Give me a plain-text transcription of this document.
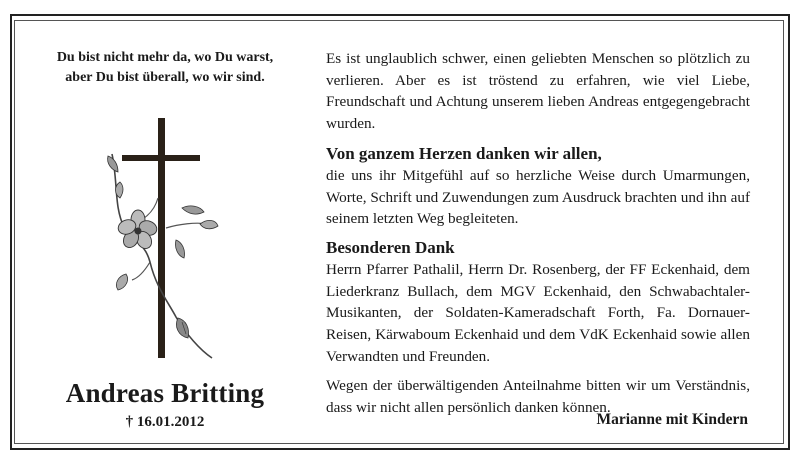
Du bist nicht mehr da, wo Du warst,
aber Du bist überall, wo wir sind.
Andreas Britting
† 16.01.2012

Es ist unglaublich schwer, einen geliebten Menschen so plötzlich zu verlieren. Aber es ist tröstend zu erfahren, wie viel Liebe, Freundschaft und Achtung unserem lieben Andreas entgegengebracht wurden.

Von ganzem Herzen danken wir allen,

die uns ihr Mitgefühl auf so herzliche Weise durch Umarmungen, Worte, Schrift und Zuwendungen zum Ausdruck brachten und ihn auf seinem letzten Weg begleiteten.

Besonderen Dank

Herrn Pfarrer Pathalil, Herrn Dr. Rosenberg, der FF Eckenhaid, dem Liederkranz Bullach, dem MGV Eckenhaid, den Schwabachtaler-Musikanten, der Soldaten-Kameradschaft Forth, Fa. Dornauer-Reisen, Kärwaboum Eckenhaid und dem VdK Eckenhaid sowie allen Verwandten und Freunden.

Wegen der überwältigenden Anteilnahme bitten wir um Verständnis, dass wir nicht allen persönlich danken können.

Marianne mit Kindern
